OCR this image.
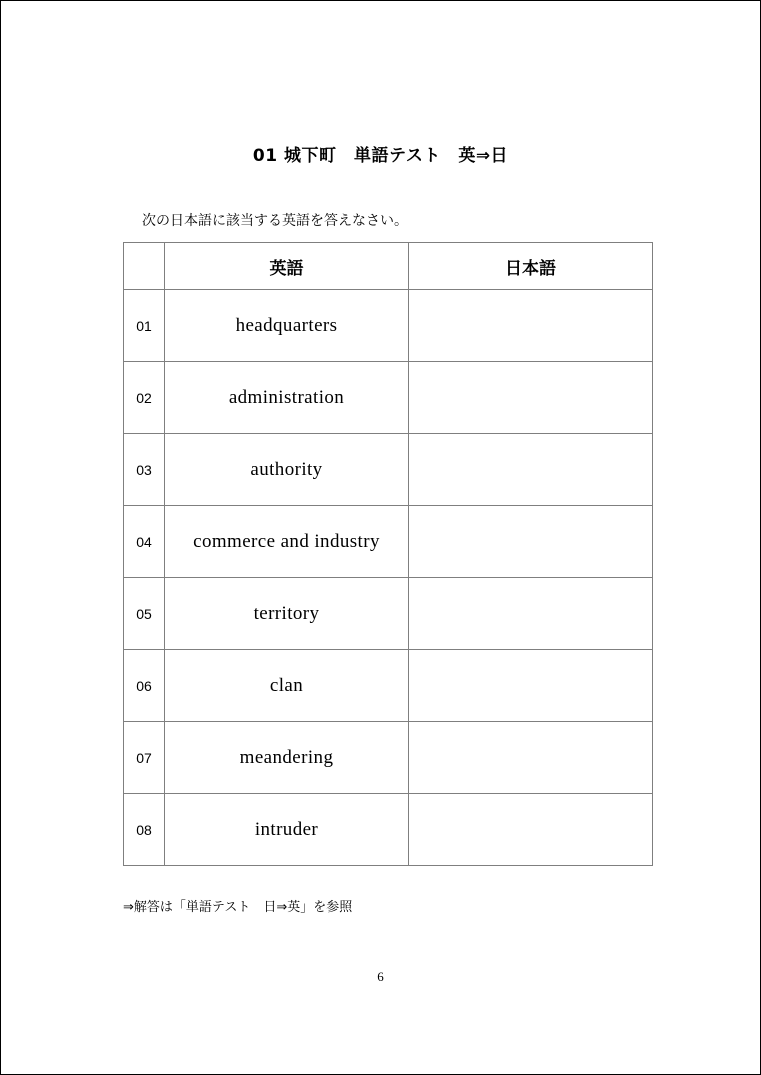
01 城下町　単語テスト　英⇒日
次の日本語に該当する英語を答えなさい。
	英語	日本語
01	headquarters	
02	administration	
03	authority	
04	commerce and industry	
05	territory	
06	clan	
07	meandering	
08	intruder	
⇒解答は「単語テスト　日⇒英」を参照
6
